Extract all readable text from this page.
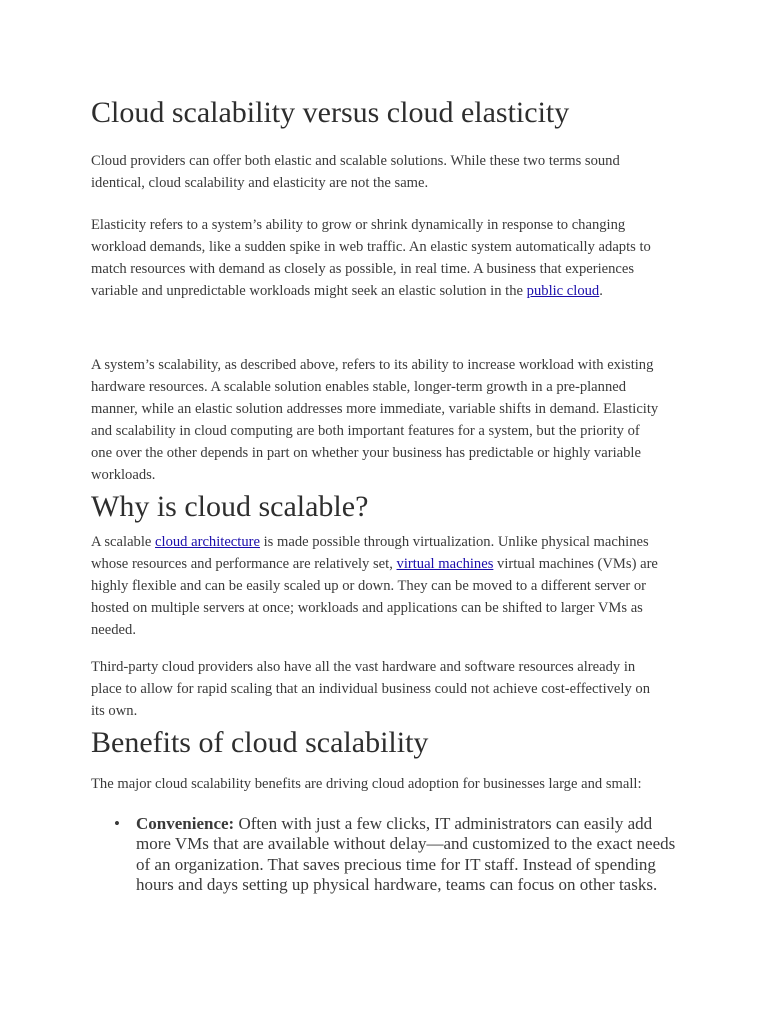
Cloud scalability versus cloud elasticity
Cloud providers can offer both elastic and scalable solutions. While these two terms sound
identical, cloud scalability and elasticity are not the same.
Elasticity refers to a system’s ability to grow or shrink dynamically in response to changing
workload demands, like a sudden spike in web traffic. An elastic system automatically adapts to
match resources with demand as closely as possible, in real time. A business that experiences
variable and unpredictable workloads might seek an elastic solution in the public cloud.
A system’s scalability, as described above, refers to its ability to increase workload with existing
hardware resources. A scalable solution enables stable, longer-term growth in a pre-planned
manner, while an elastic solution addresses more immediate, variable shifts in demand. Elasticity
and scalability in cloud computing are both important features for a system, but the priority of
one over the other depends in part on whether your business has predictable or highly variable
workloads.
Why is cloud scalable?
A scalable cloud architecture is made possible through virtualization. Unlike physical machines
whose resources and performance are relatively set, virtual machines virtual machines (VMs) are
highly flexible and can be easily scaled up or down. They can be moved to a different server or
hosted on multiple servers at once; workloads and applications can be shifted to larger VMs as
needed.
Third-party cloud providers also have all the vast hardware and software resources already in
place to allow for rapid scaling that an individual business could not achieve cost-effectively on
its own.
Benefits of cloud scalability
The major cloud scalability benefits are driving cloud adoption for businesses large and small:
• Convenience: Often with just a few clicks, IT administrators can easily add
more VMs that are available without delay—and customized to the exact needs
of an organization. That saves precious time for IT staff. Instead of spending
hours and days setting up physical hardware, teams can focus on other tasks.
